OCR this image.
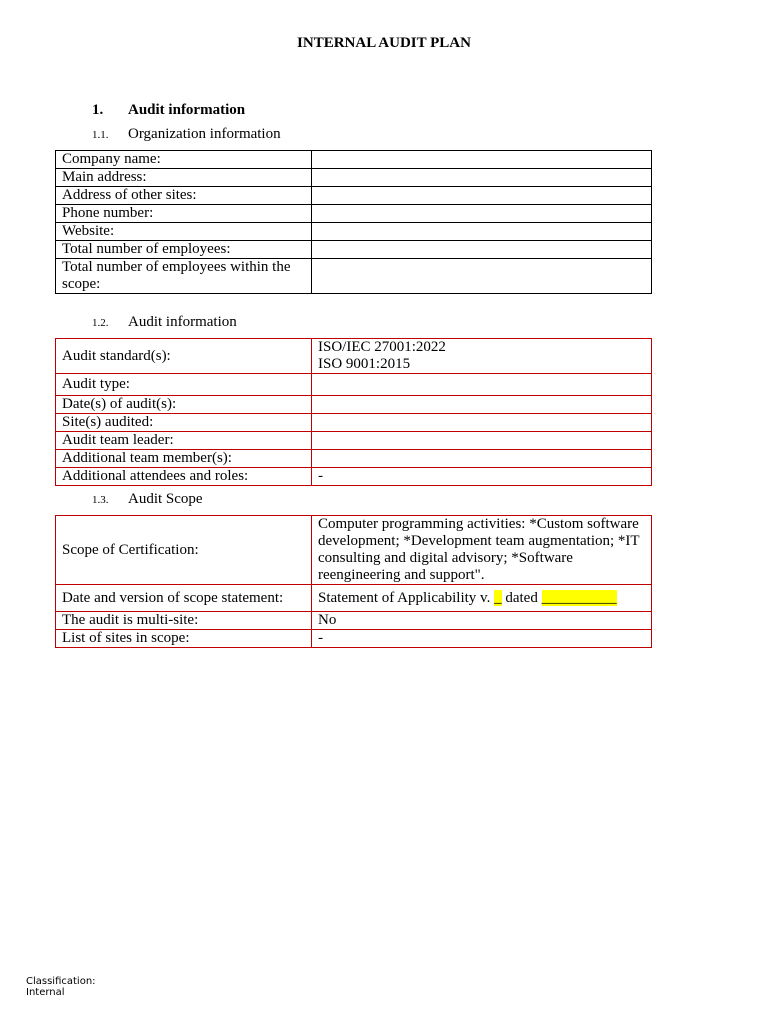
INTERNAL AUDIT PLAN
1. Audit information
1.1. Organization information
Company name:	
Main address:	
Address of other sites:	
Phone number:	
Website:	
Total number of employees:	
Total number of employees within the scope:	
1.2. Audit information
Audit standard(s):	ISO/IEC 27001:2022
ISO 9001:2015

Audit type:	
Date(s) of audit(s):	
Site(s) audited:	
Audit team leader:	
Additional team member(s):	
Additional attendees and roles:	-
1.3. Audit Scope
Scope of Certification:	Computer programming activities: *Custom software development; *Development team augmentation; *IT consulting and digital advisory; *Software reengineering and support".
Date and version of scope statement:	Statement of Applicability v. _ dated __________
The audit is multi-site:	No
List of sites in scope:	-
Classification:
Internal
